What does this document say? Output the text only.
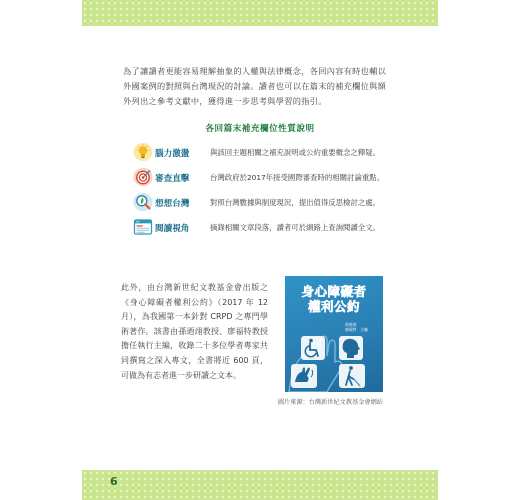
為了讓讀者更能容易理解抽象的人權與法律概念，各回內容有時也輔以外國案例的對照與台灣現況的討論。讀者也可以在篇末的補充欄位與額外列出之參考文獻中，獲得進一步思考與學習的指引。

各回篇末補充欄位性質說明
腦力激盪	與該回主題相關之補充說明或公約重要概念之釋疑。
審查直擊	台灣政府於2017年接受國際審查時的相關討論重點。
想想台灣	對照台灣數據與制度現況，提出值得反思檢討之處。
閱讀視角	摘錄相關文章段落，讀者可於網路上查詢閱讀全文。

此外，由台灣新世紀文教基金會出版之《身心障礙者權利公約》（2017 年 12月），為我國第一本針對 CRPD 之專門學術著作。該書由孫迺翊教授、廖福特教授擔任執行主編，收錄二十多位學者專家共同撰寫之深入專文，全書將近 600 頁，可做為有志者進一步研讀之文本。

身心障礙者
權利公約
孫迺翊
廖福特　主編
圖片來源：台灣新世紀文教基金會網站
6
